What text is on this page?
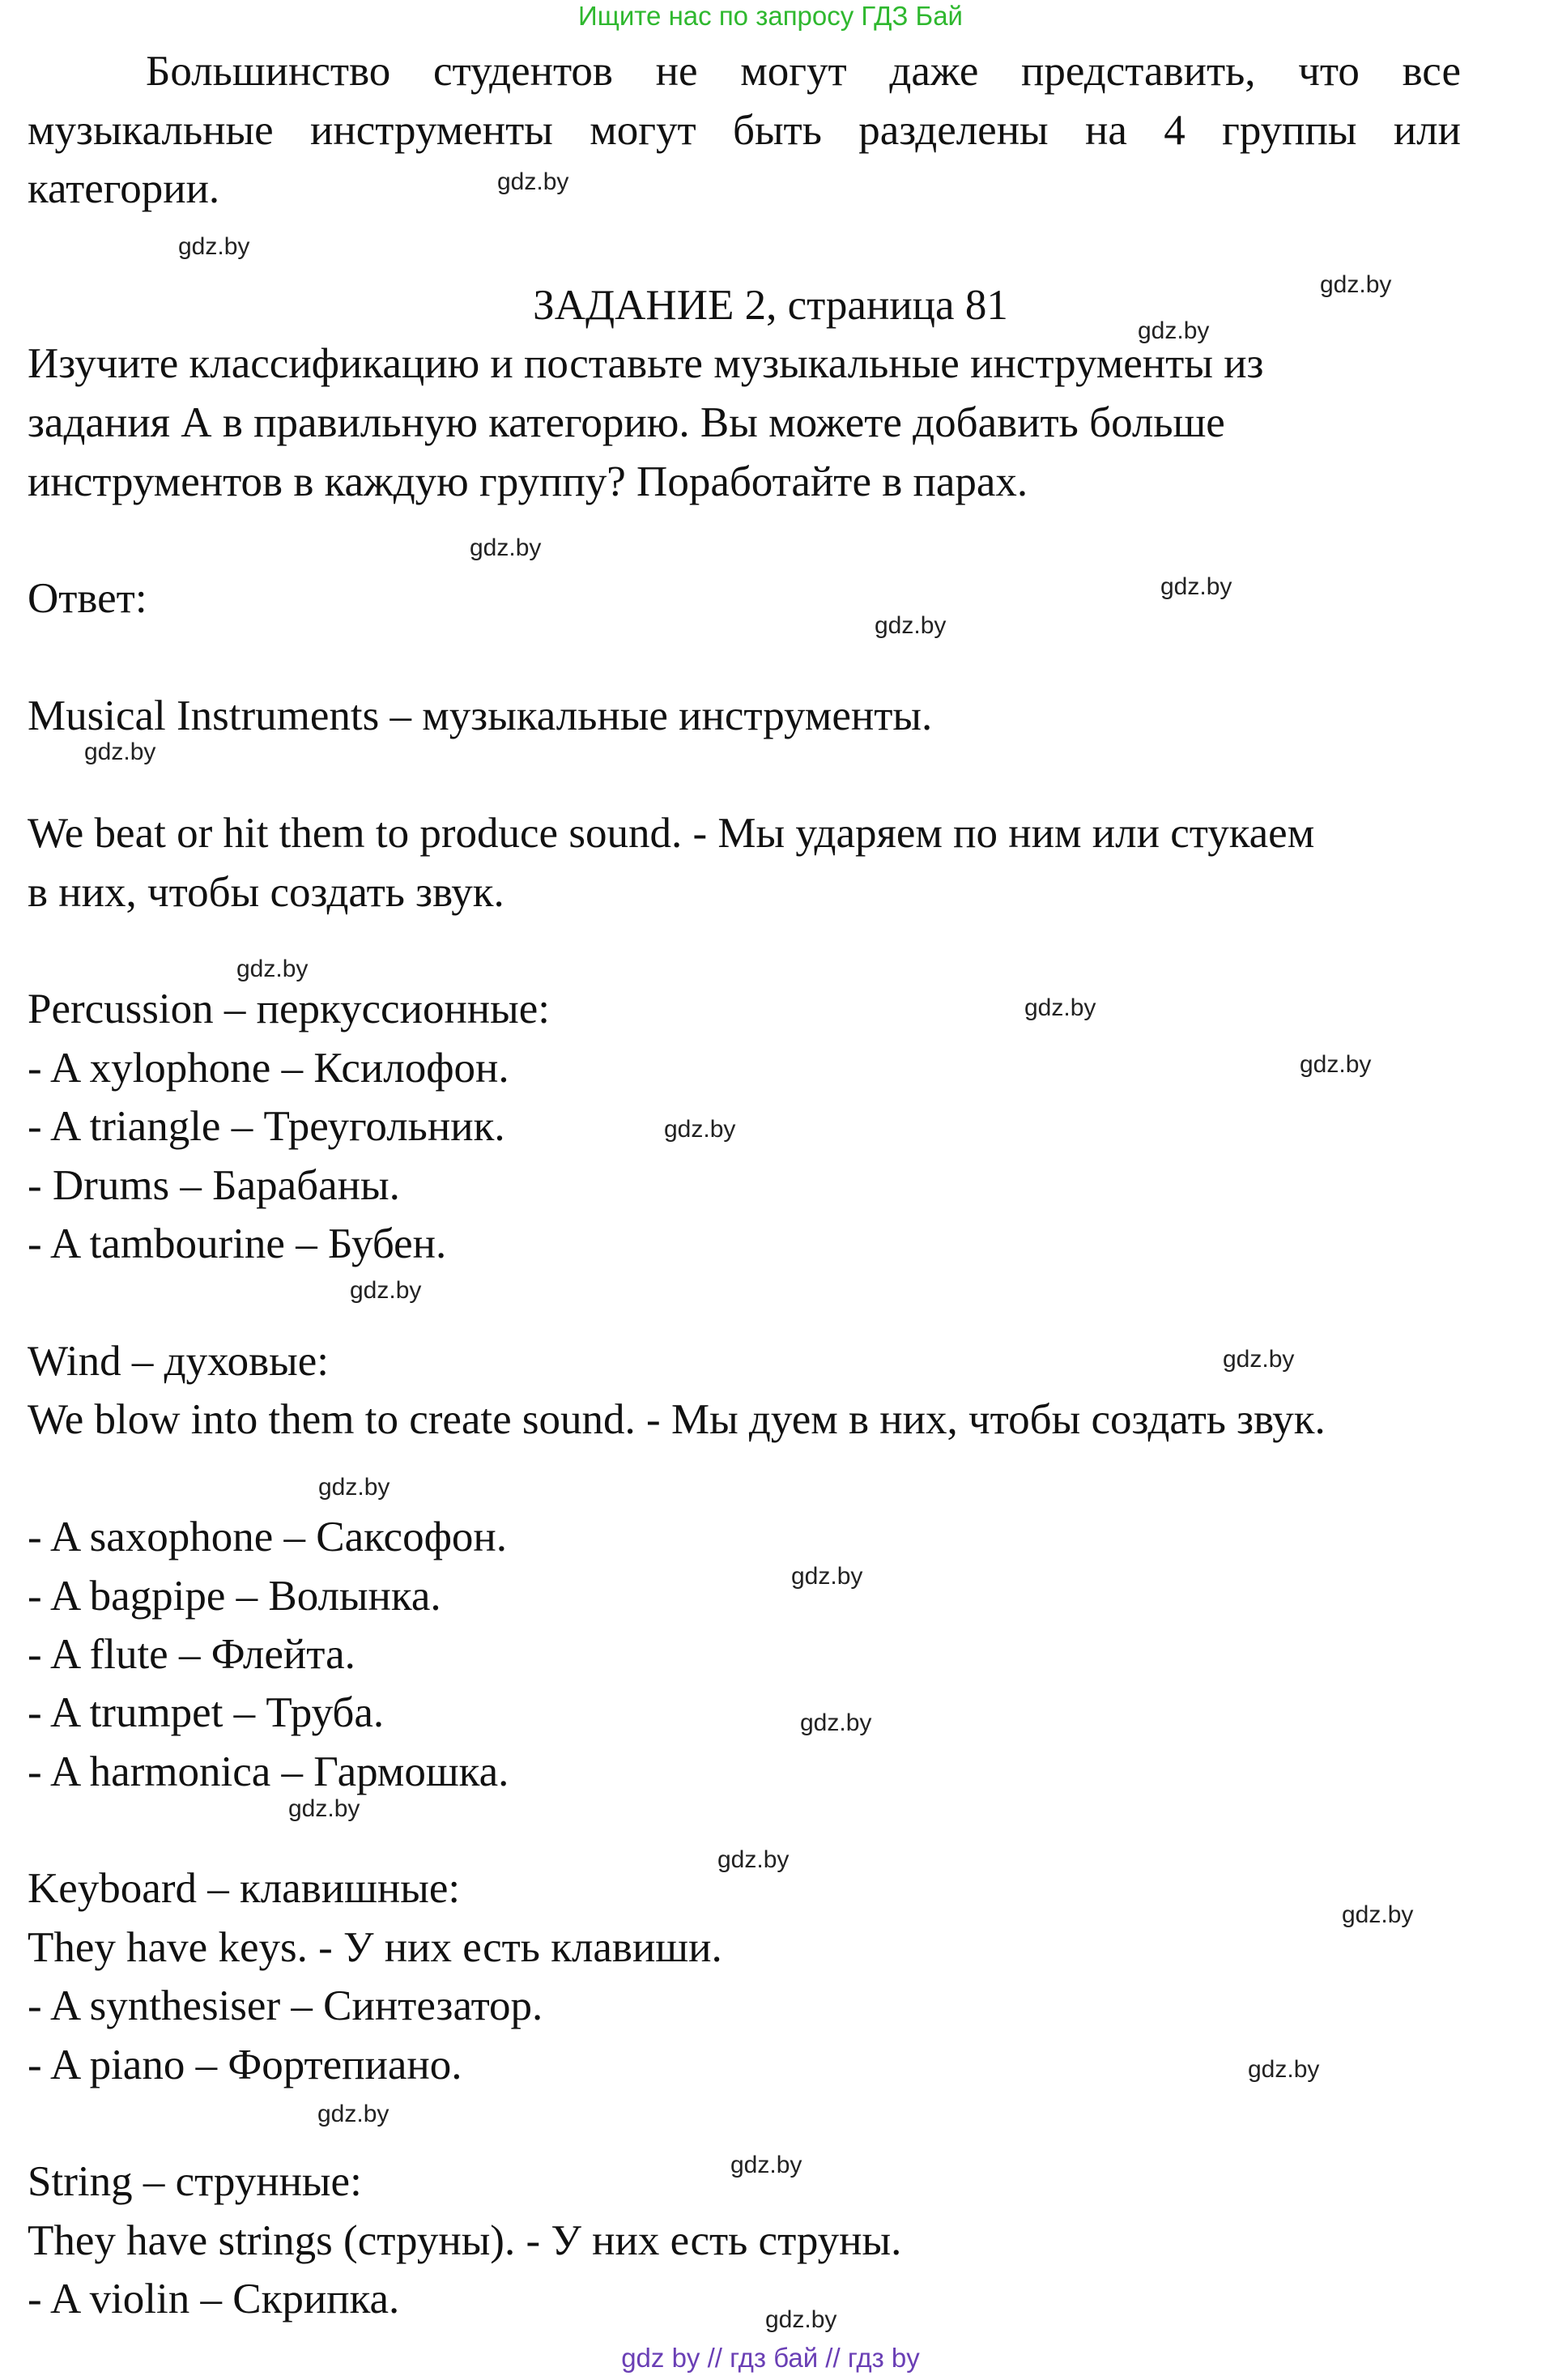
Ищите нас по запросу ГДЗ Бай
Большинство студентов не могут даже представить, что все
музыкальные инструменты могут быть разделены на 4 группы или
категории.
ЗАДАНИЕ 2, страница 81
Изучите классификацию и поставьте музыкальные инструменты из
задания А в правильную категорию. Вы можете добавить больше
инструментов в каждую группу? Поработайте в парах.
Ответ:
Musical Instruments – музыкальные инструменты.
We beat or hit them to produce sound. - Мы ударяем по ним или стукаем
в них, чтобы создать звук.
Percussion – перкуссионные:
- A xylophone – Ксилофон.
- A triangle – Треугольник.
- Drums – Барабаны.
- A tambourine – Бубен.
Wind – духовые:
We blow into them to create sound. - Мы дуем в них, чтобы создать звук.
- A saxophone – Саксофон.
- A bagpipe – Волынка.
- A flute – Флейта.
- A trumpet – Труба.
- A harmonica – Гармошка.
Keyboard – клавишные:
They have keys. - У них есть клавиши.
- A synthesiser – Синтезатор.
- A piano – Фортепиано.
String – струнные:
They have strings (струны). - У них есть струны.
- A violin – Скрипка.
gdz.by
gdz.by
gdz.by
gdz.by
gdz.by
gdz.by
gdz.by
gdz.by
gdz.by
gdz.by
gdz.by
gdz.by
gdz.by
gdz.by
gdz.by
gdz.by
gdz.by
gdz.by
gdz.by
gdz.by
gdz.by
gdz.by
gdz.by
gdz.by
gdz by // гдз бай // гдз by
